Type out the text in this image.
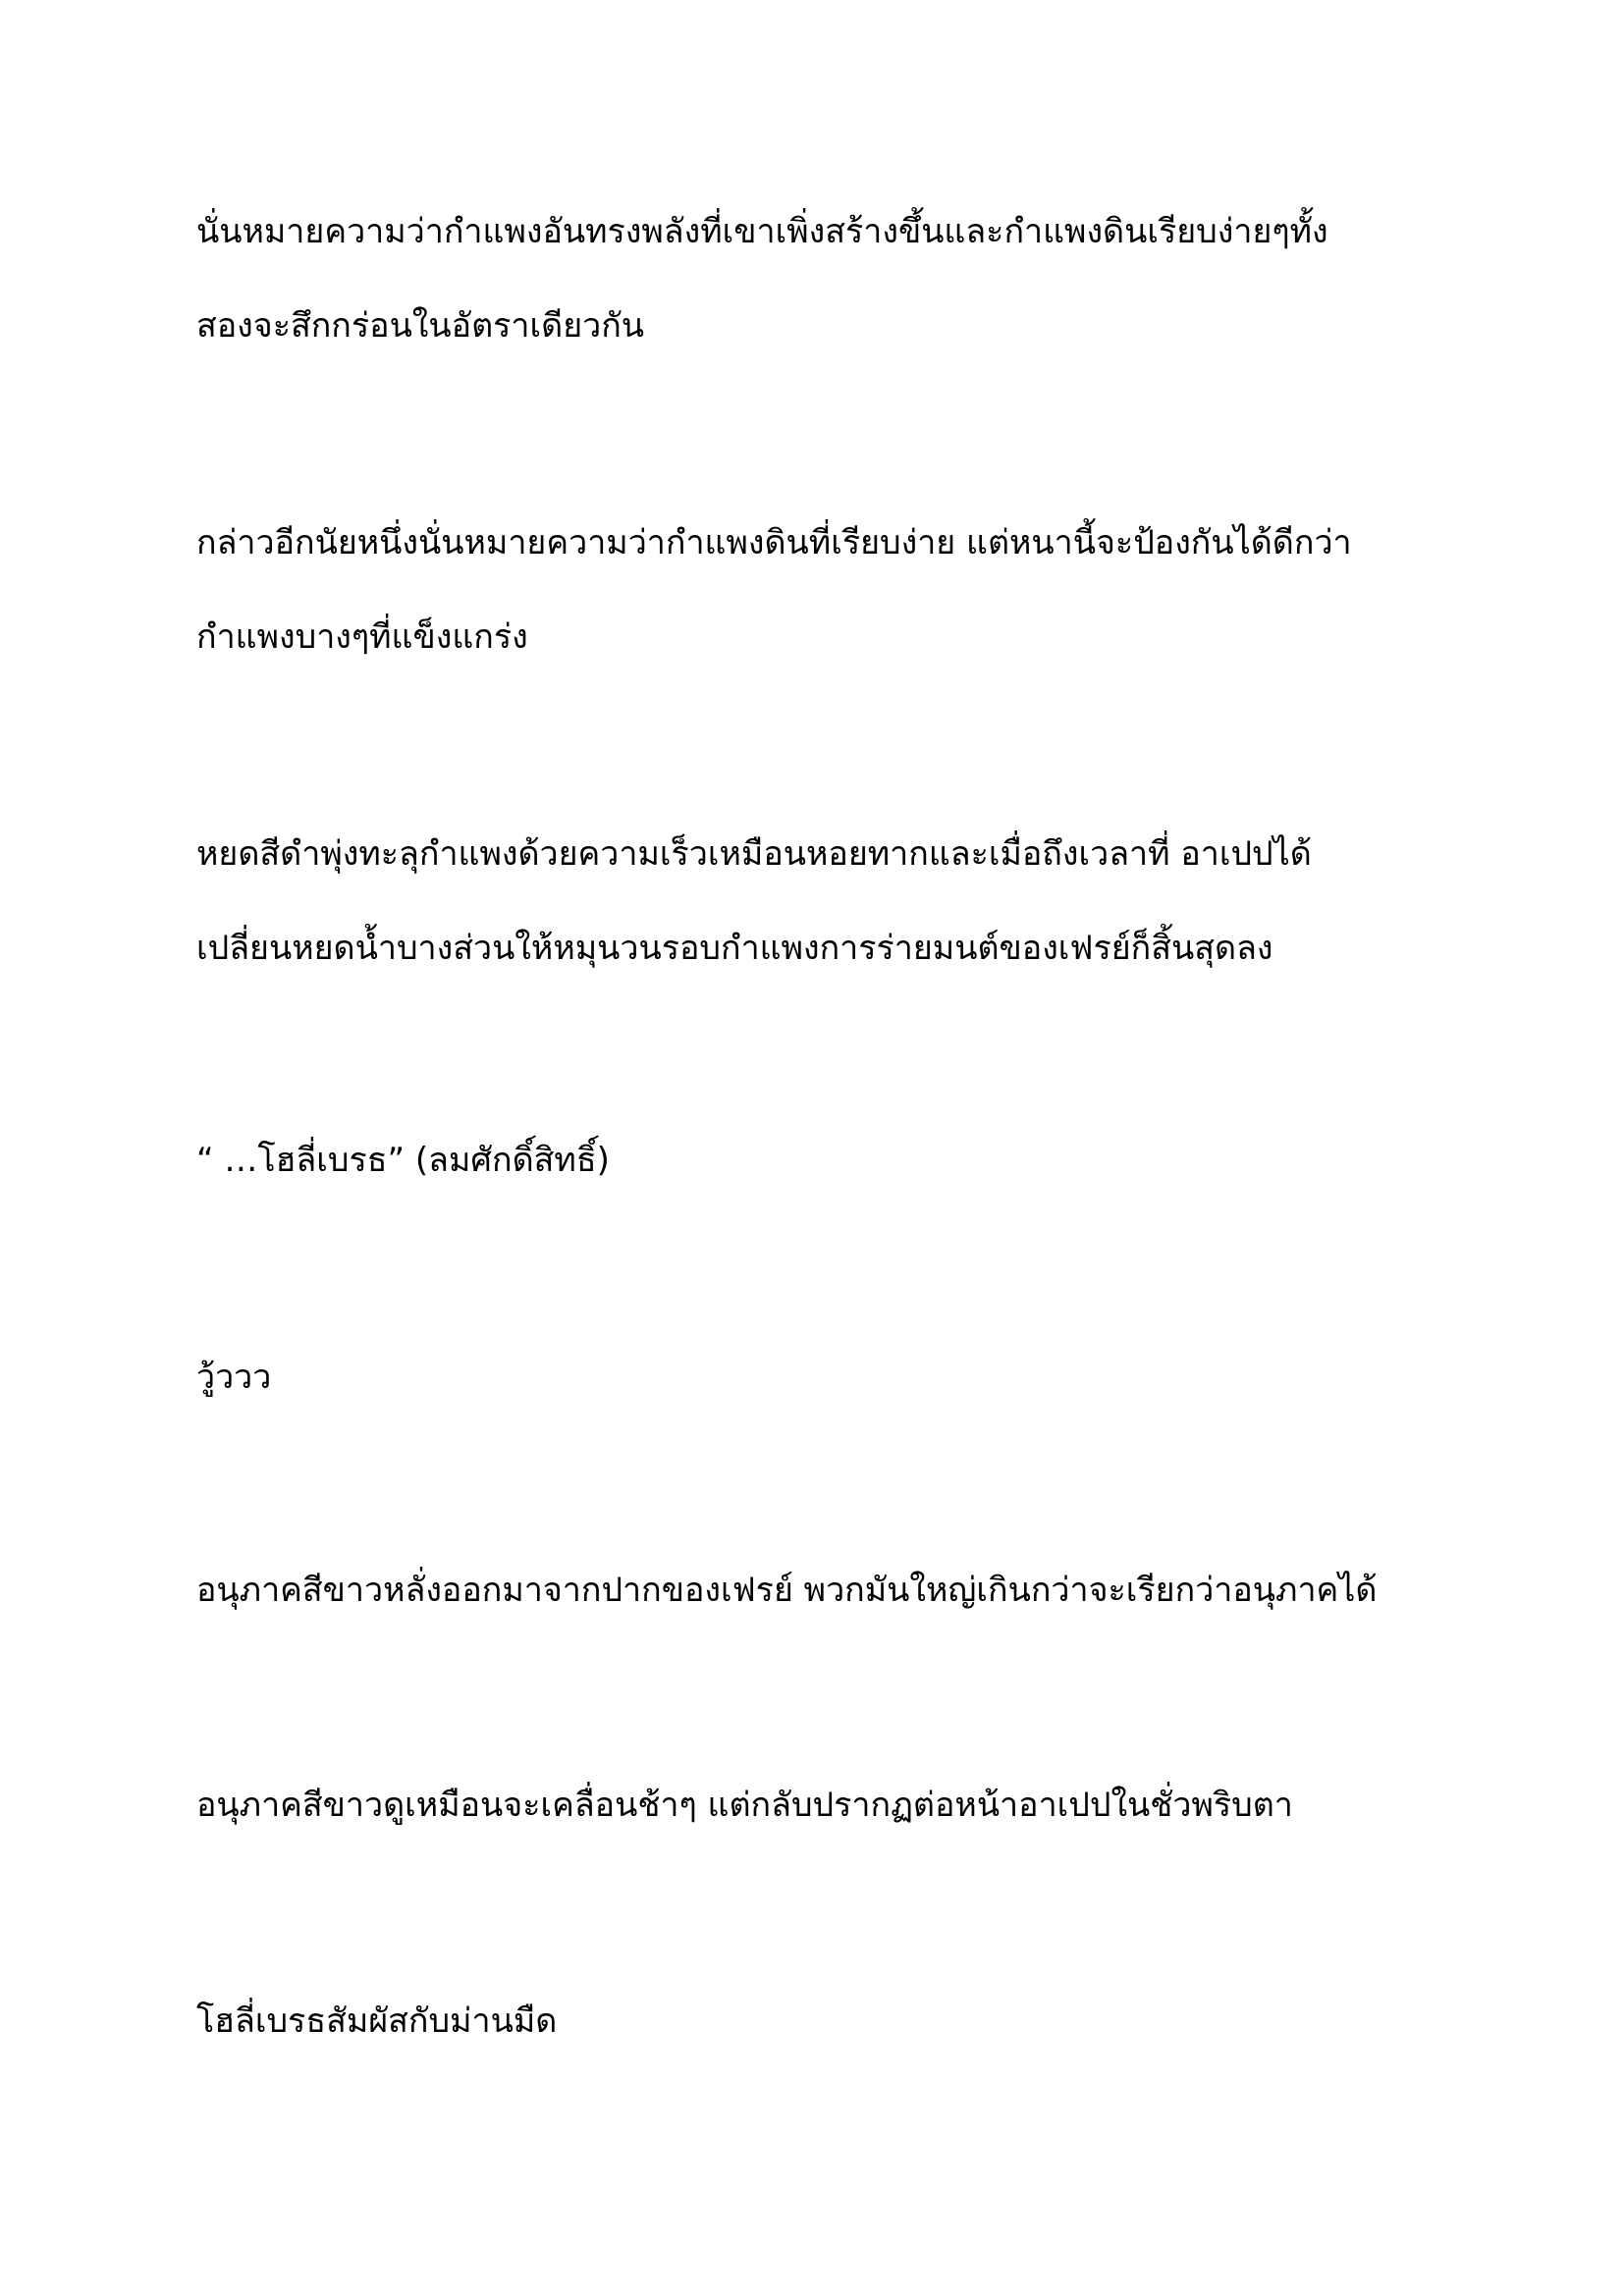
นั่นหมายความว่ากำแพงอันทรงพลังที่เขาเพิ่งสร้างขึ้นและกำแพงดินเรียบง่ายๆทั้ง
สองจะสึกกร่อนในอัตราเดียวกัน

กล่าวอีกนัยหนึ่งนั่นหมายความว่ากำแพงดินที่เรียบง่าย แต่หนานี้จะป้องกันได้ดีกว่า
กำแพงบางๆที่แข็งแกร่ง

หยดสีดำพุ่งทะลุกำแพงด้วยความเร็วเหมือนหอยทากและเมื่อถึงเวลาที่ อาเปปได้
เปลี่ยนหยดน้ำบางส่วนให้หมุนวนรอบกำแพงการร่ายมนต์ของเฟรย์ก็สิ้นสุดลง

“ …โฮลี่เบรธ” (ลมศักดิ์สิทธิ์)

วู้ววว

อนุภาคสีขาวหลั่งออกมาจากปากของเฟรย์ พวกมันใหญ่เกินกว่าจะเรียกว่าอนุภาคได้

อนุภาคสีขาวดูเหมือนจะเคลื่อนช้าๆ แต่กลับปรากฏต่อหน้าอาเปปในชั่วพริบตา

โฮลี่เบรธสัมผัสกับม่านมืด
